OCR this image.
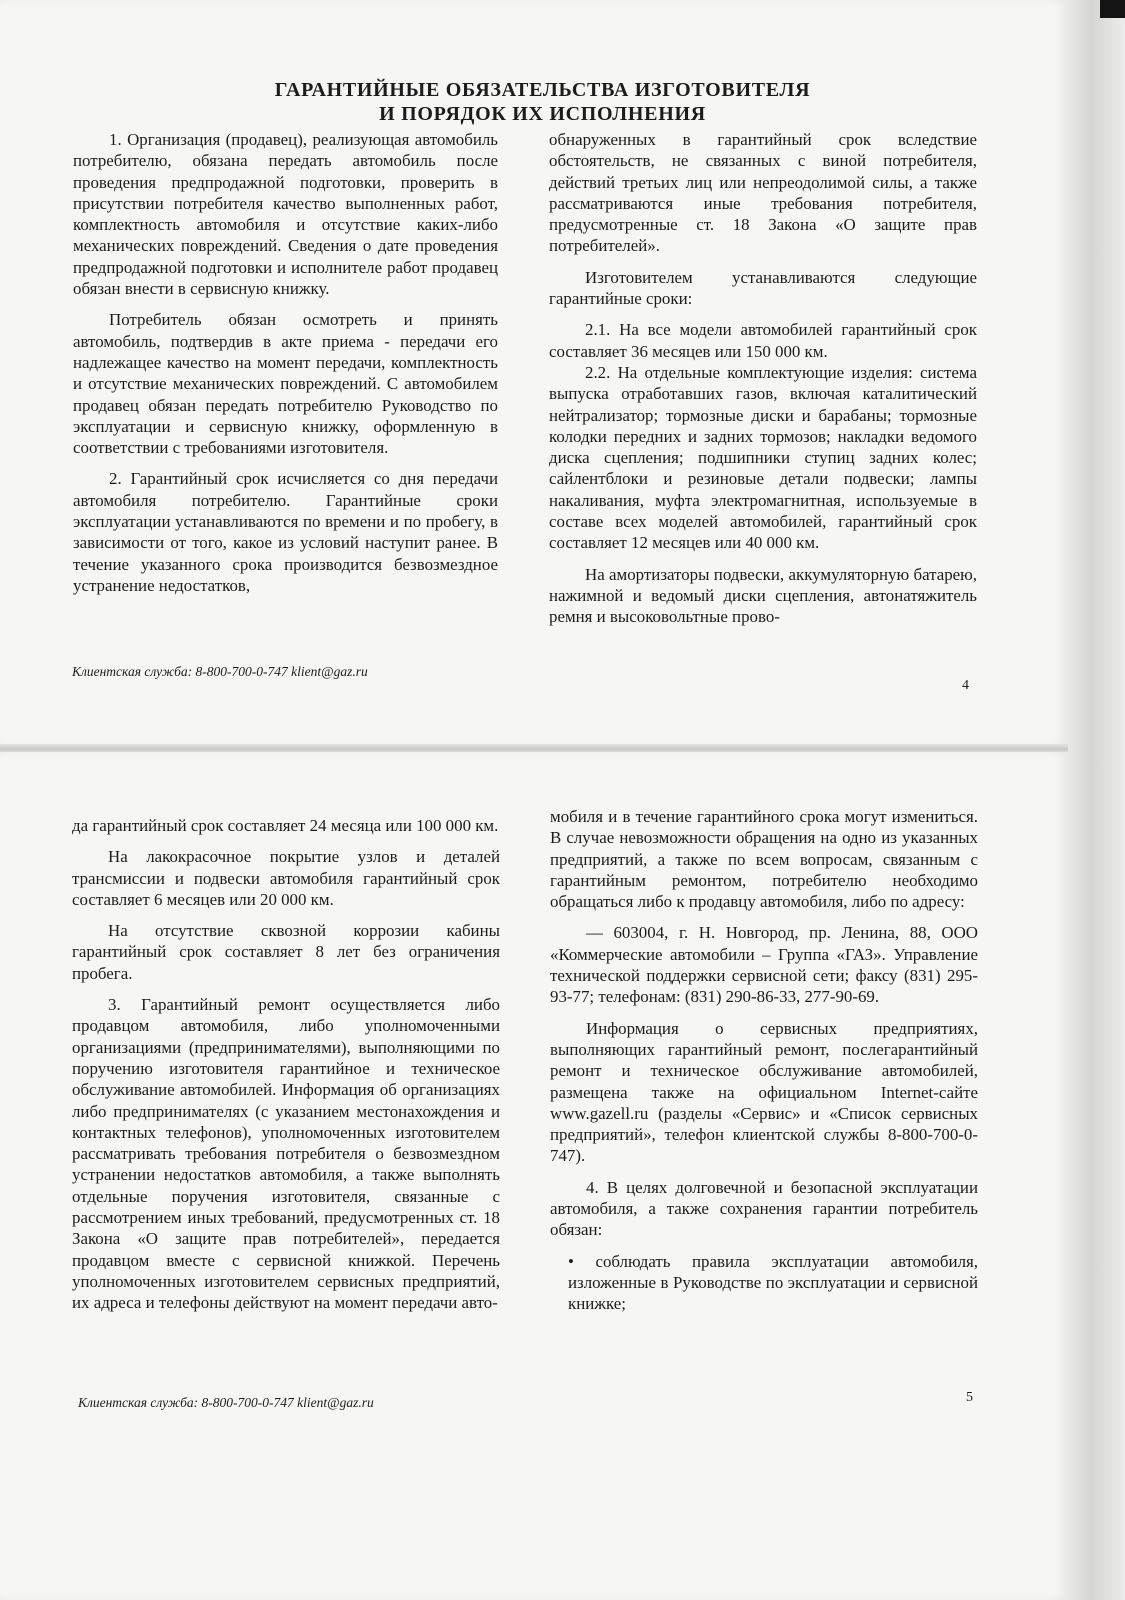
ГАРАНТИЙНЫЕ ОБЯЗАТЕЛЬСТВА ИЗГОТОВИТЕЛЯ
И ПОРЯДОК ИХ ИСПОЛНЕНИЯ

1. Организация (продавец), реализующая автомобиль потребителю, обязана передать автомобиль после проведения предпродажной подготовки, проверить в присутствии потребителя качество выполненных работ, комплектность автомобиля и отсутствие каких-либо механических повреждений. Сведения о дате проведения предпродажной подготовки и исполнителе работ продавец обязан внести в сервисную книжку.

Потребитель обязан осмотреть и принять автомобиль, подтвердив в акте приема - передачи его надлежащее качество на момент передачи, комплектность и отсутствие механических повреждений. С автомобилем продавец обязан передать потребителю Руководство по эксплуатации и сервисную книжку, оформленную в соответствии с требованиями изготовителя.

2. Гарантийный срок исчисляется со дня передачи автомобиля потребителю. Гарантийные сроки эксплуатации устанавливаются по времени и по пробегу, в зависимости от того, какое из условий наступит ранее. В течение указанного срока производится безвозмездное устранение недостатков,

обнаруженных в гарантийный срок вследствие обстоятельств, не связанных с виной потребителя, действий третьих лиц или непреодолимой силы, а также рассматриваются иные требования потребителя, предусмотренные ст. 18 Закона «О защите прав потребителей».

Изготовителем устанавливаются следующие гарантийные сроки:

2.1. На все модели автомобилей гарантийный срок составляет 36 месяцев или 150 000 км.

2.2. На отдельные комплектующие изделия: система выпуска отработавших газов, включая каталитический нейтрализатор; тормозные диски и барабаны; тормозные колодки передних и задних тормозов; накладки ведомого диска сцепления; подшипники ступиц задних колес; сайлентблоки и резиновые детали подвески; лампы накаливания, муфта электромагнитная, используемые в составе всех моделей автомобилей, гарантийный срок составляет 12 месяцев или 40 000 км.

На амортизаторы подвески, аккумуляторную батарею, нажимной и ведомый диски сцепления, автонатяжитель ремня и высоковольтные прово-

Клиентская служба: 8-800-700-0-747 klient@gaz.ru
4

да гарантийный срок составляет 24 месяца или 100 000 км.

На лакокрасочное покрытие узлов и деталей трансмиссии и подвески автомобиля гарантийный срок составляет 6 месяцев или 20 000 км.

На отсутствие сквозной коррозии кабины гарантийный срок составляет 8 лет без ограничения пробега.

3. Гарантийный ремонт осуществляется либо продавцом автомобиля, либо уполномоченными организациями (предпринимателями), выполняющими по поручению изготовителя гарантийное и техническое обслуживание автомобилей. Информация об организациях либо предпринимателях (с указанием местонахождения и контактных телефонов), уполномоченных изготовителем рассматривать требования потребителя о безвозмездном устранении недостатков автомобиля, а также выполнять отдельные поручения изготовителя, связанные с рассмотрением иных требований, предусмотренных ст. 18 Закона «О защите прав потребителей», передается продавцом вместе с сервисной книжкой. Перечень уполномоченных изготовителем сервисных предприятий, их адреса и телефоны действуют на момент передачи авто-

мобиля и в течение гарантийного срока могут измениться. В случае невозможности обращения на одно из указанных предприятий, а также по всем вопросам, связанным с гарантийным ремонтом, потребителю необходимо обращаться либо к продавцу автомобиля, либо по адресу:

— 603004, г. Н. Новгород, пр. Ленина, 88, ООО «Коммерческие автомобили – Группа «ГАЗ». Управление технической поддержки сервисной сети; факсу (831) 295-93-77; телефонам: (831) 290-86-33, 277-90-69.

Информация о сервисных предприятиях, выполняющих гарантийный ремонт, послегарантийный ремонт и техническое обслуживание автомобилей, размещена также на официальном Internet-сайте www.gazell.ru (разделы «Сервис» и «Список сервисных предприятий», телефон клиентской службы 8-800-700-0-747).

4. В целях долговечной и безопасной эксплуатации автомобиля, а также сохранения гарантии потребитель обязан:

• соблюдать правила эксплуатации автомобиля, изложенные в Руководстве по эксплуатации и сервисной книжке;

Клиентская служба: 8-800-700-0-747 klient@gaz.ru	5
